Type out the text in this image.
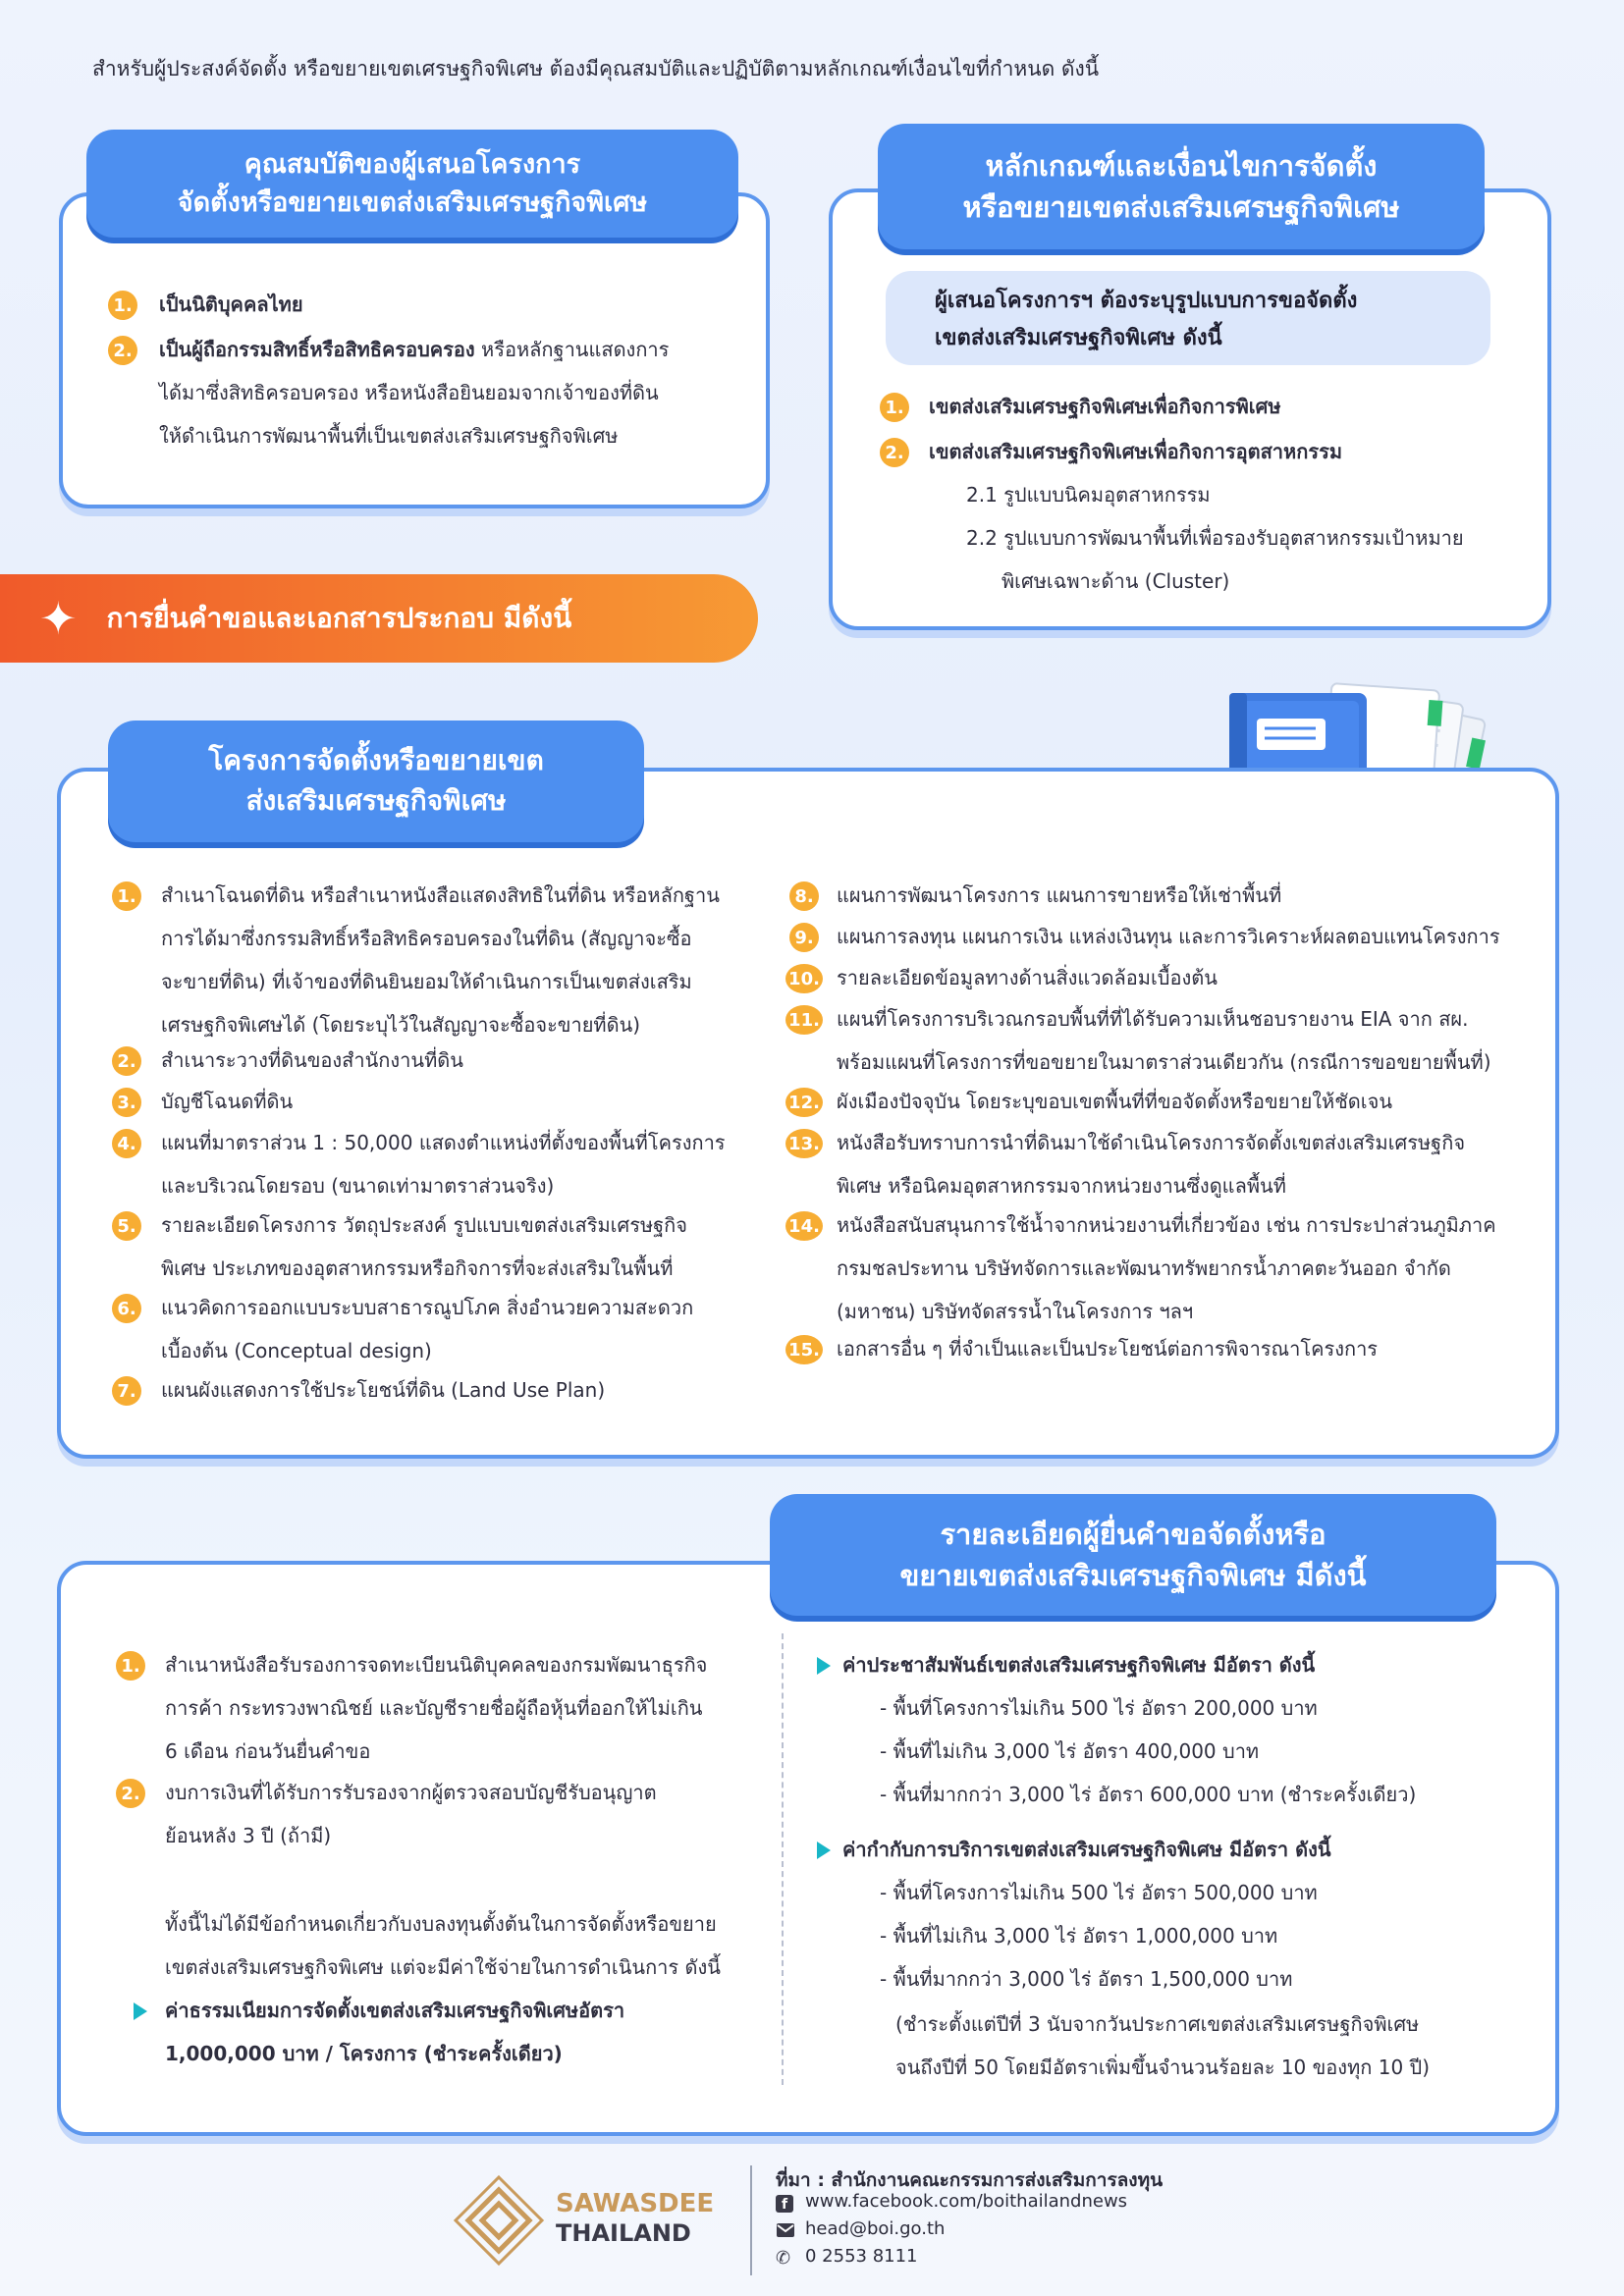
สำหรับผู้ประสงค์จัดตั้ง หรือขยายเขตเศรษฐกิจพิเศษ ต้องมีคุณสมบัติและปฏิบัติตามหลักเกณฑ์เงื่อนไขที่กำหนด ดังนี้
คุณสมบัติของผู้เสนอโครงการ
จัดตั้งหรือขยายเขตส่งเสริมเศรษฐกิจพิเศษ
1. เป็นนิติบุคคลไทย
2. เป็นผู้ถือกรรมสิทธิ์หรือสิทธิครอบครอง หรือหลักฐานแสดงการ
ได้มาซึ่งสิทธิครอบครอง หรือหนังสือยินยอมจากเจ้าของที่ดิน
ให้ดำเนินการพัฒนาพื้นที่เป็นเขตส่งเสริมเศรษฐกิจพิเศษ
หลักเกณฑ์และเงื่อนไขการจัดตั้ง
หรือขยายเขตส่งเสริมเศรษฐกิจพิเศษ
ผู้เสนอโครงการฯ ต้องระบุรูปแบบการขอจัดตั้ง
เขตส่งเสริมเศรษฐกิจพิเศษ ดังนี้
1. เขตส่งเสริมเศรษฐกิจพิเศษเพื่อกิจการพิเศษ
2. เขตส่งเสริมเศรษฐกิจพิเศษเพื่อกิจการอุตสาหกรรม
2.1 รูปแบบนิคมอุตสาหกรรม
2.2 รูปแบบการพัฒนาพื้นที่เพื่อรองรับอุตสาหกรรมเป้าหมาย
พิเศษเฉพาะด้าน (Cluster)
✦ การยื่นคำขอและเอกสารประกอบ มีดังนี้
โครงการจัดตั้งหรือขยายเขต
ส่งเสริมเศรษฐกิจพิเศษ
1. สำเนาโฉนดที่ดิน หรือสำเนาหนังสือแสดงสิทธิในที่ดิน หรือหลักฐาน
การได้มาซึ่งกรรมสิทธิ์หรือสิทธิครอบครองในที่ดิน (สัญญาจะซื้อ
จะขายที่ดิน) ที่เจ้าของที่ดินยินยอมให้ดำเนินการเป็นเขตส่งเสริม
เศรษฐกิจพิเศษได้ (โดยระบุไว้ในสัญญาจะซื้อจะขายที่ดิน)
2. สำเนาระวางที่ดินของสำนักงานที่ดิน
3. บัญชีโฉนดที่ดิน
4. แผนที่มาตราส่วน 1 : 50,000 แสดงตำแหน่งที่ตั้งของพื้นที่โครงการ
และบริเวณโดยรอบ (ขนาดเท่ามาตราส่วนจริง)
5. รายละเอียดโครงการ วัตถุประสงค์ รูปแบบเขตส่งเสริมเศรษฐกิจ
พิเศษ ประเภทของอุตสาหกรรมหรือกิจการที่จะส่งเสริมในพื้นที่
6. แนวคิดการออกแบบระบบสาธารณูปโภค สิ่งอำนวยความสะดวก
เบื้องต้น (Conceptual design)
7. แผนผังแสดงการใช้ประโยชน์ที่ดิน (Land Use Plan)
8. แผนการพัฒนาโครงการ แผนการขายหรือให้เช่าพื้นที่
9. แผนการลงทุน แผนการเงิน แหล่งเงินทุน และการวิเคราะห์ผลตอบแทนโครงการ
10. รายละเอียดข้อมูลทางด้านสิ่งแวดล้อมเบื้องต้น
11. แผนที่โครงการบริเวณกรอบพื้นที่ที่ได้รับความเห็นชอบรายงาน EIA จาก สผ.
พร้อมแผนที่โครงการที่ขอขยายในมาตราส่วนเดียวกัน (กรณีการขอขยายพื้นที่)
12. ผังเมืองปัจจุบัน โดยระบุขอบเขตพื้นที่ที่ขอจัดตั้งหรือขยายให้ชัดเจน
13. หนังสือรับทราบการนำที่ดินมาใช้ดำเนินโครงการจัดตั้งเขตส่งเสริมเศรษฐกิจ
พิเศษ หรือนิคมอุตสาหกรรมจากหน่วยงานซึ่งดูแลพื้นที่
14. หนังสือสนับสนุนการใช้น้ำจากหน่วยงานที่เกี่ยวข้อง เช่น การประปาส่วนภูมิภาค
กรมชลประทาน บริษัทจัดการและพัฒนาทรัพยากรน้ำภาคตะวันออก จำกัด
(มหาชน) บริษัทจัดสรรน้ำในโครงการ ฯลฯ
15. เอกสารอื่น ๆ ที่จำเป็นและเป็นประโยชน์ต่อการพิจารณาโครงการ
รายละเอียดผู้ยื่นคำขอจัดตั้งหรือ
ขยายเขตส่งเสริมเศรษฐกิจพิเศษ มีดังนี้
1. สำเนาหนังสือรับรองการจดทะเบียนนิติบุคคลของกรมพัฒนาธุรกิจ
การค้า กระทรวงพาณิชย์ และบัญชีรายชื่อผู้ถือหุ้นที่ออกให้ไม่เกิน
6 เดือน ก่อนวันยื่นคำขอ
2. งบการเงินที่ได้รับการรับรองจากผู้ตรวจสอบบัญชีรับอนุญาต
ย้อนหลัง 3 ปี (ถ้ามี)
ทั้งนี้ไม่ได้มีข้อกำหนดเกี่ยวกับงบลงทุนตั้งต้นในการจัดตั้งหรือขยาย
เขตส่งเสริมเศรษฐกิจพิเศษ แต่จะมีค่าใช้จ่ายในการดำเนินการ ดังนี้
ค่าธรรมเนียมการจัดตั้งเขตส่งเสริมเศรษฐกิจพิเศษอัตรา
1,000,000 บาท / โครงการ (ชำระครั้งเดียว)
ค่าประชาสัมพันธ์เขตส่งเสริมเศรษฐกิจพิเศษ มีอัตรา ดังนี้
- พื้นที่โครงการไม่เกิน 500 ไร่ อัตรา 200,000 บาท
- พื้นที่ไม่เกิน 3,000 ไร่ อัตรา 400,000 บาท
- พื้นที่มากกว่า 3,000 ไร่ อัตรา 600,000 บาท (ชำระครั้งเดียว)
ค่ากำกับการบริการเขตส่งเสริมเศรษฐกิจพิเศษ มีอัตรา ดังนี้
- พื้นที่โครงการไม่เกิน 500 ไร่ อัตรา 500,000 บาท
- พื้นที่ไม่เกิน 3,000 ไร่ อัตรา 1,000,000 บาท
- พื้นที่มากกว่า 3,000 ไร่ อัตรา 1,500,000 บาท
(ชำระตั้งแต่ปีที่ 3 นับจากวันประกาศเขตส่งเสริมเศรษฐกิจพิเศษ
จนถึงปีที่ 50 โดยมีอัตราเพิ่มขึ้นจำนวนร้อยละ 10 ของทุก 10 ปี)
SAWASDEE
THAILAND
ที่มา : สำนักงานคณะกรรมการส่งเสริมการลงทุน
f www.facebook.com/boithailandnews
head@boi.go.th
✆ 0 2553 8111
